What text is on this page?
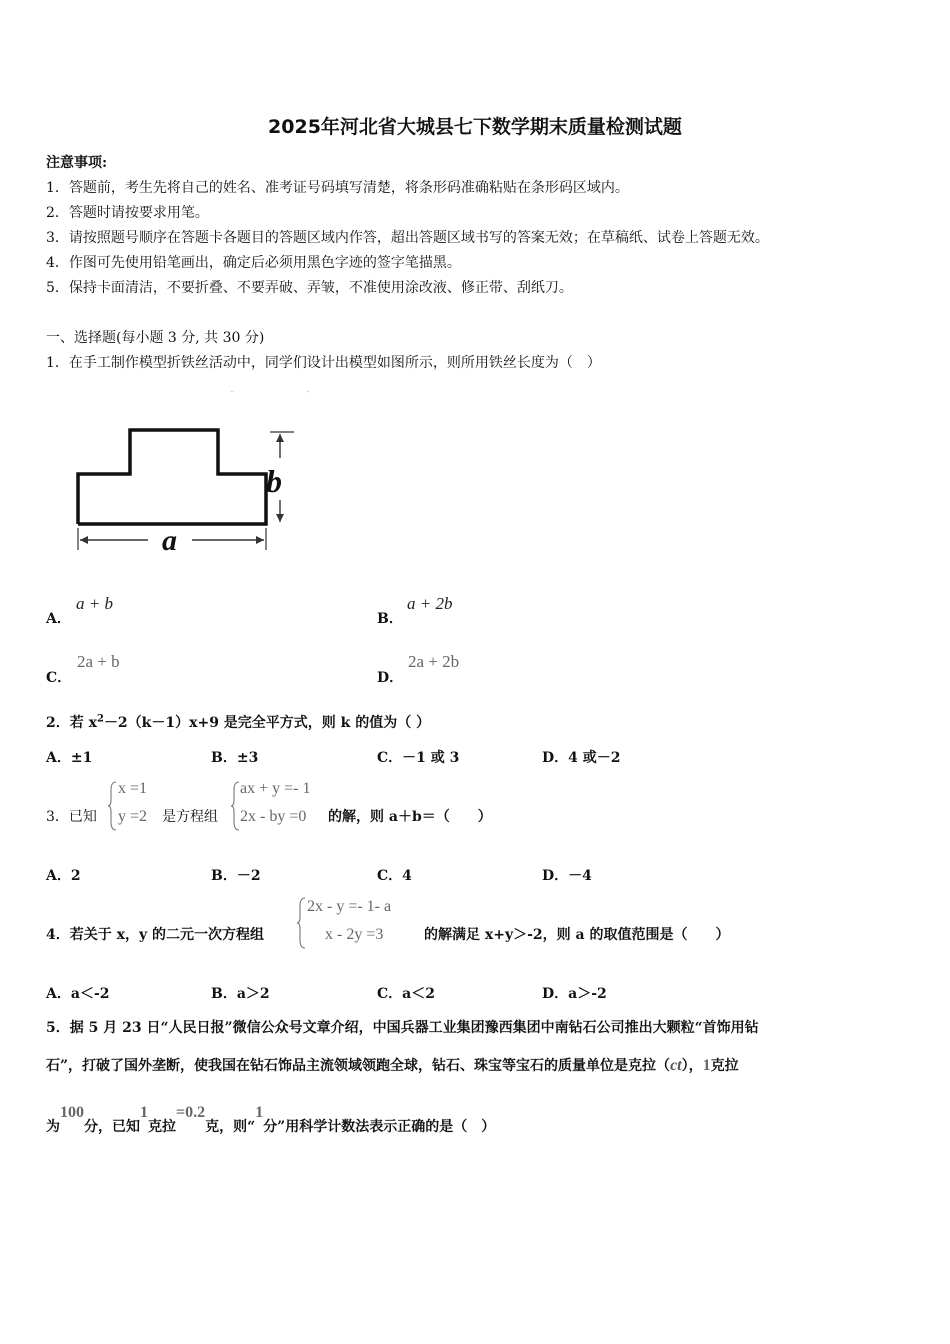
2025年河北省大城县七下数学期末质量检测试题
注意事项:
1．答题前，考生先将自己的姓名、准考证号码填写清楚，将条形码准确粘贴在条形码区域内。
2．答题时请按要求用笔。
3．请按照题号顺序在答题卡各题目的答题区域内作答，超出答题区域书写的答案无效；在草稿纸、试卷上答题无效。
4．作图可先使用铅笔画出，确定后必须用黑色字迹的签字笔描黑。
5．保持卡面清洁，不要折叠、不要弄破、弄皱，不准使用涂改液、修正带、刮纸刀。
一、选择题(每小题 3 分, 共 30 分)
1．在手工制作模型折铁丝活动中，同学们设计出模型如图所示，则所用铁丝长度为（　）
a
b
ˉ	ˉ
A．
a + b
B．
a + 2b
C．
2a + b
D．
2a + 2b
2．若 $x^2-2(k-1)x+9$ 是完全平方式，则 k 的值为（ ）
A．±1	B．±3	C．－1 或 3	D．4 或－2
3．已知
x =1
y =2 是方程组
ax + y =- 1
2x - by =0 的解，则 a＋b＝（　　）
A．2	B．－2	C．4	D．－4
4．若关于 x，y 的二元一次方程组
2x - y =- 1- a
x - 2y =3	的解满足 x+y＞-2，则 a 的取值范围是（　　）
A．a＜-2	B．a＞2	C．a＜2	D．a＞-2
5．据 5 月 23 日“人民日报”微信公众号文章介绍，中国兵器工业集团豫西集团中南钻石公司推出大颗粒“首饰用钻
石”，打破了国外垄断，使我国在钻石饰品主流领域领跑全球，钻石、珠宝等宝石的质量单位是克拉（ct），1克拉
为100分，已知1克拉=0.2克，则“1分”用科学计数法表示正确的是（　）
